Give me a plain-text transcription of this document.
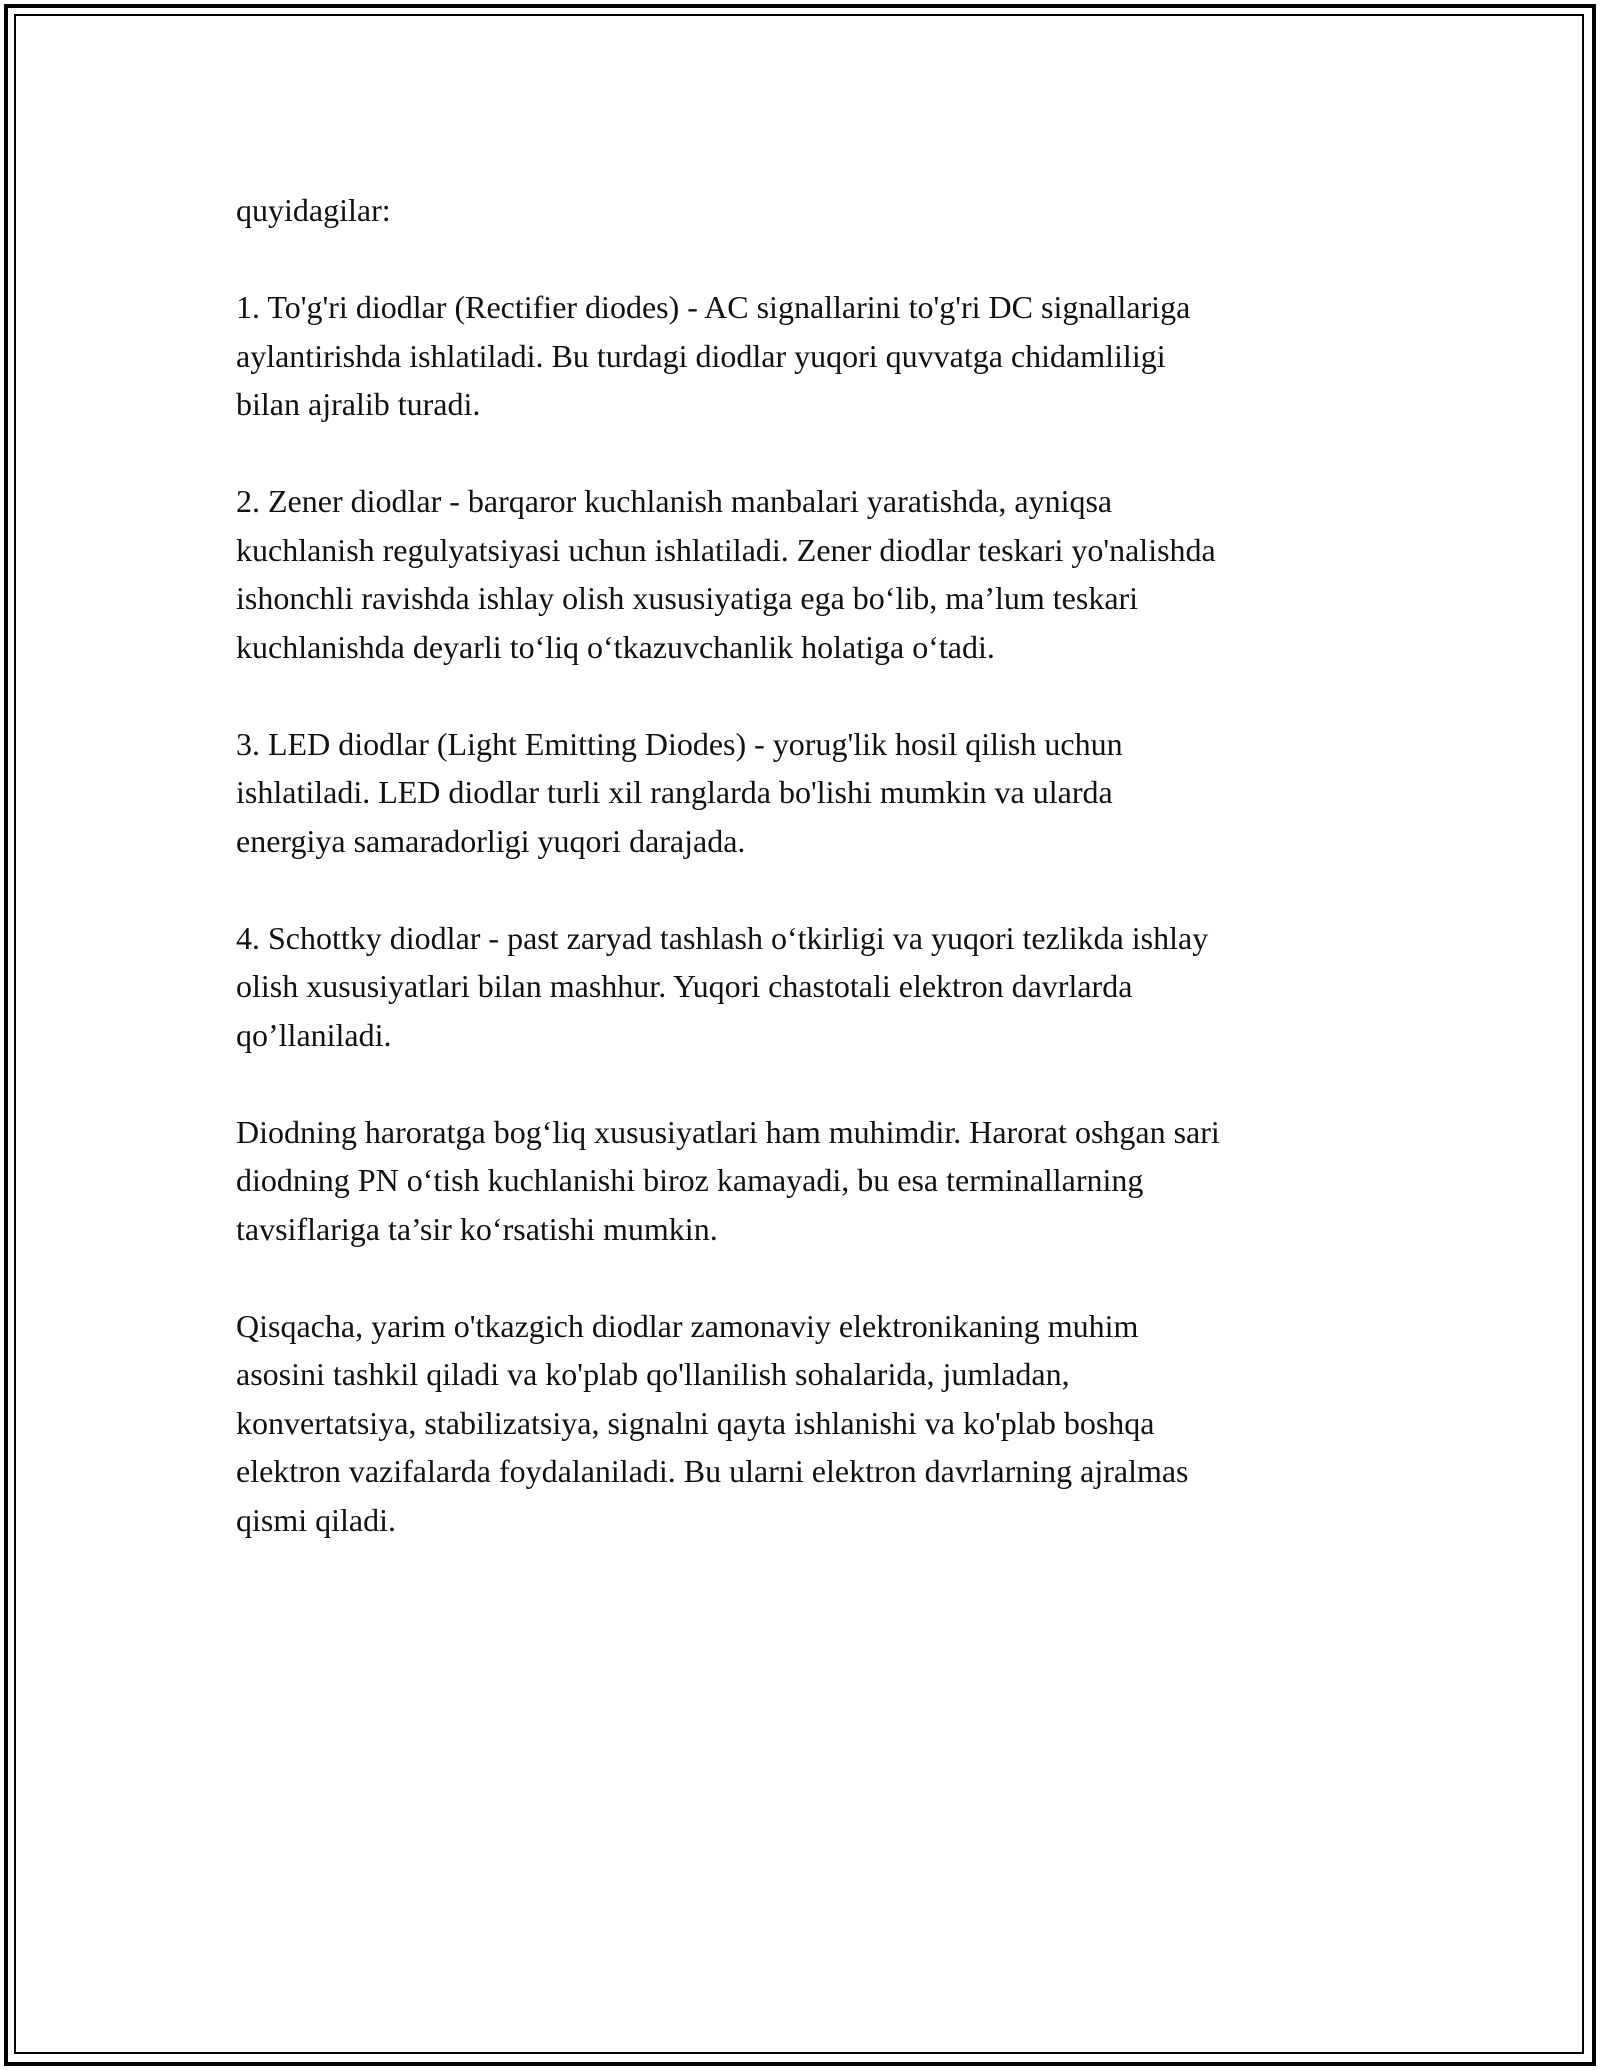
quyidagilar:

1. To'g'ri diodlar (Rectifier diodes) - AC signallarini to'g'ri DC signallariga
aylantirishda ishlatiladi. Bu turdagi diodlar yuqori quvvatga chidamliligi
bilan ajralib turadi.

2. Zener diodlar - barqaror kuchlanish manbalari yaratishda, ayniqsa
kuchlanish regulyatsiyasi uchun ishlatiladi. Zener diodlar teskari yo'nalishda
ishonchli ravishda ishlay olish xususiyatiga ega bo‘lib, ma’lum teskari
kuchlanishda deyarli to‘liq o‘tkazuvchanlik holatiga o‘tadi.

3. LED diodlar (Light Emitting Diodes) - yorug'lik hosil qilish uchun
ishlatiladi. LED diodlar turli xil ranglarda bo'lishi mumkin va ularda
energiya samaradorligi yuqori darajada.

4. Schottky diodlar - past zaryad tashlash o‘tkirligi va yuqori tezlikda ishlay
olish xususiyatlari bilan mashhur. Yuqori chastotali elektron davrlarda
qo’llaniladi.

Diodning haroratga bog‘liq xususiyatlari ham muhimdir. Harorat oshgan sari
diodning PN o‘tish kuchlanishi biroz kamayadi, bu esa terminallarning
tavsiflariga ta’sir ko‘rsatishi mumkin.

Qisqacha, yarim o'tkazgich diodlar zamonaviy elektronikaning muhim
asosini tashkil qiladi va ko'plab qo'llanilish sohalarida, jumladan,
konvertatsiya, stabilizatsiya, signalni qayta ishlanishi va ko'plab boshqa
elektron vazifalarda foydalaniladi. Bu ularni elektron davrlarning ajralmas
qismi qiladi.
